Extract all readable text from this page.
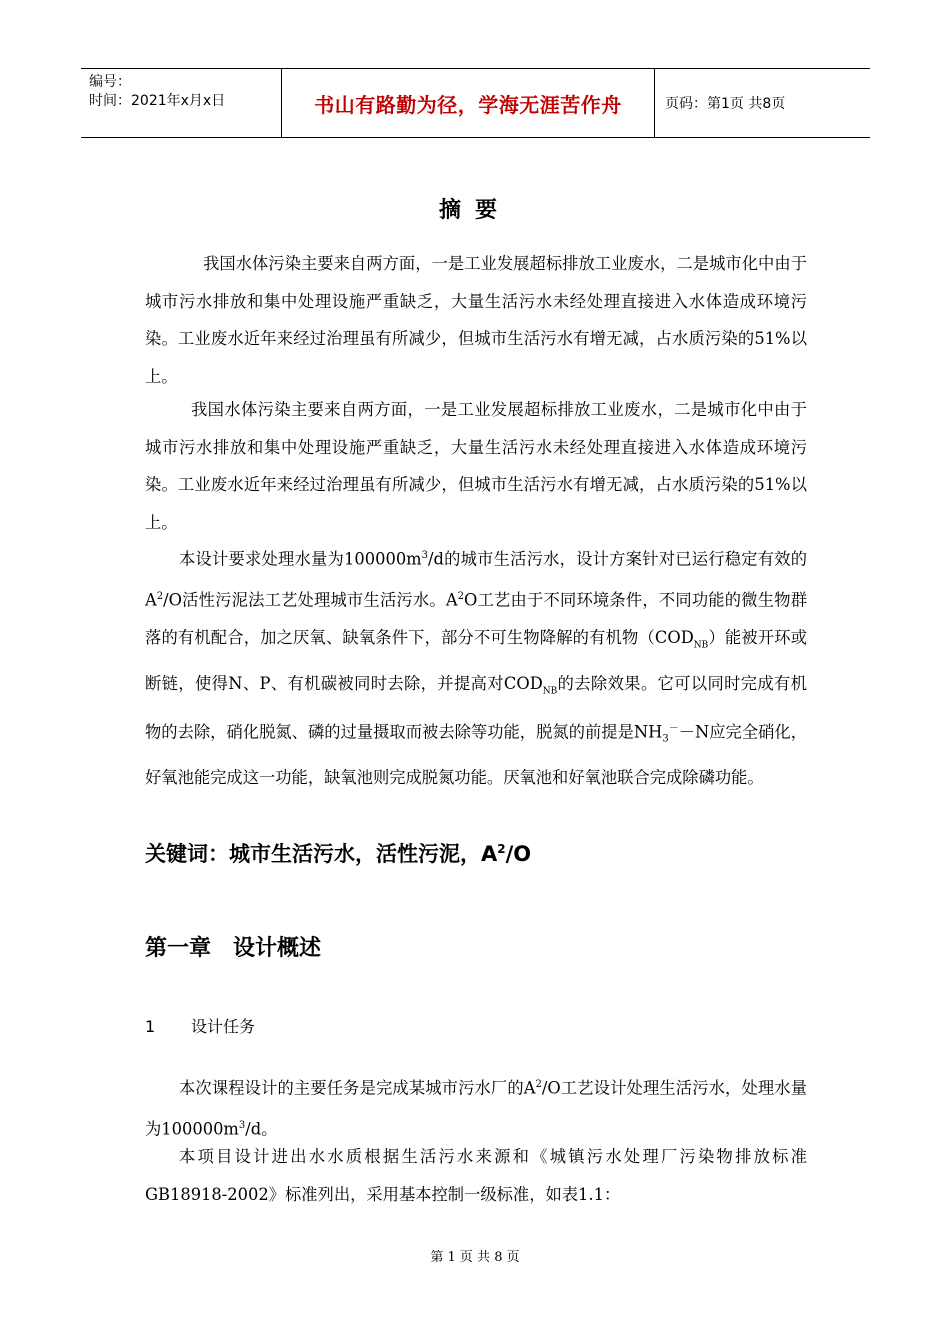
编号：
时间：2021年x月x日	书山有路勤为径，学海无涯苦作舟	页码：第1页 共8页
摘要

我国水体污染主要来自两方面，一是工业发展超标排放工业废水，二是城市化中由于城市污水排放和集中处理设施严重缺乏，大量生活污水未经处理直接进入水体造成环境污染。工业废水近年来经过治理虽有所减少，但城市生活污水有增无减，占水质污染的51%以上。

我国水体污染主要来自两方面，一是工业发展超标排放工业废水，二是城市化中由于城市污水排放和集中处理设施严重缺乏，大量生活污水未经处理直接进入水体造成环境污染。工业废水近年来经过治理虽有所减少，但城市生活污水有增无减，占水质污染的51%以上。

本设计要求处理水量为$100000m^3/d$的城市生活污水，设计方案针对已运行稳定有效的$A^2/O$活性污泥法工艺处理城市生活污水。$A^2O$工艺由于不同环境条件，不同功能的微生物群落的有机配合，加之厌氧、缺氧条件下，部分不可生物降解的有机物$(COD_{NB})$能被开环或断链，使得N、P、有机碳被同时去除，并提高对$COD_{NB}$的去除效果。它可以同时完成有机物的去除，硝化脱氮、磷的过量摄取而被去除等功能，脱氮的前提是$NH_3^--N$应完全硝化，好氧池能完成这一功能，缺氧池则完成脱氮功能。厌氧池和好氧池联合完成除磷功能。

关键词：城市生活污水，活性污泥，$A^2/O$
第一章　设计概述
1 设计任务

本次课程设计的主要任务是完成某城市污水厂的$A^2/O$工艺设计处理生活污水，处理水量为$100000m^3/d$。

本项目设计进出水水质根据生活污水来源和《城镇污水处理厂污染物排放标准GB18918-2002》标准列出，采用基本控制一级标准，如表1.1：

第 1 页 共 8 页
